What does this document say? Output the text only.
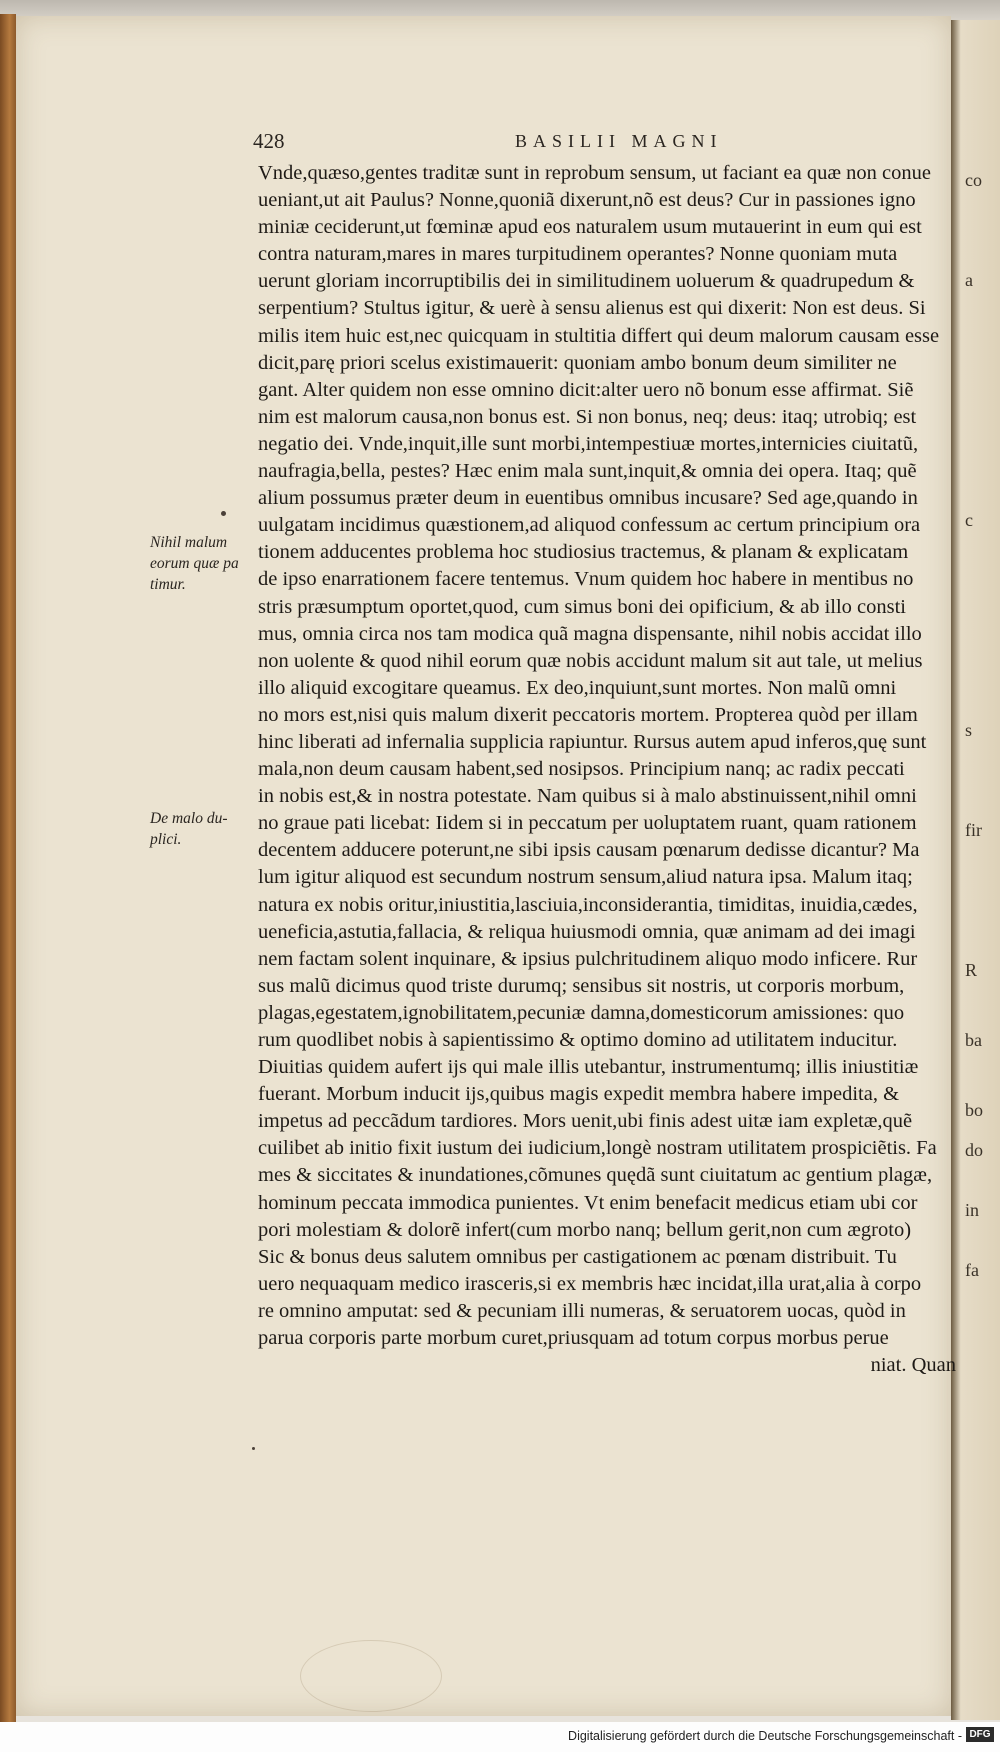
co
a
c
s
fir
R
ba
bo
do
in
fa
428	BASILII MAGNI
Nihil malum eorum quæ pa timur.
De malo du- plici.
Vnde,quæso,gentes traditæ sunt in reprobum sensum, ut faciant ea quæ non conue
ueniant,ut ait Paulus? Nonne,quoniã dixerunt,nõ est deus? Cur in passiones igno
miniæ ceciderunt,ut fœminæ apud eos naturalem usum mutauerint in eum qui est
contra naturam,mares in mares turpitudinem operantes? Nonne quoniam muta
uerunt gloriam incorruptibilis dei in similitudinem uoluerum & quadrupedum &
serpentium? Stultus igitur, & uerè à sensu alienus est qui dixerit: Non est deus. Si
milis item huic est,nec quicquam in stultitia differt qui deum malorum causam esse
dicit,parę priori scelus existimauerit: quoniam ambo bonum deum similiter ne
gant. Alter quidem non esse omnino dicit:alter uero nõ bonum esse affirmat. Siẽ
nim est malorum causa,non bonus est. Si non bonus, neq; deus: itaq; utrobiq; est
negatio dei. Vnde,inquit,ille sunt morbi,intempestiuæ mortes,internicies ciuitatũ,
naufragia,bella, pestes? Hæc enim mala sunt,inquit,& omnia dei opera. Itaq; quẽ
alium possumus præter deum in euentibus omnibus incusare? Sed age,quando in
uulgatam incidimus quæstionem,ad aliquod confessum ac certum principium ora
tionem adducentes problema hoc studiosius tractemus, & planam & explicatam
de ipso enarrationem facere tentemus. Vnum quidem hoc habere in mentibus no
stris præsumptum oportet,quod, cum simus boni dei opificium, & ab illo consti
mus, omnia circa nos tam modica quã magna dispensante, nihil nobis accidat illo
non uolente & quod nihil eorum quæ nobis accidunt malum sit aut tale, ut melius
illo aliquid excogitare queamus. Ex deo,inquiunt,sunt mortes. Non malũ omni
no mors est,nisi quis malum dixerit peccatoris mortem. Propterea quòd per illam
hinc liberati ad infernalia supplicia rapiuntur. Rursus autem apud inferos,quę sunt
mala,non deum causam habent,sed nosipsos. Principium nanq; ac radix peccati
in nobis est,& in nostra potestate. Nam quibus si à malo abstinuissent,nihil omni
no graue pati licebat: Iidem si in peccatum per uoluptatem ruant, quam rationem
decentem adducere poterunt,ne sibi ipsis causam pœnarum dedisse dicantur? Ma
lum igitur aliquod est secundum nostrum sensum,aliud natura ipsa. Malum itaq;
natura ex nobis oritur,iniustitia,lasciuia,inconsiderantia, timiditas, inuidia,cædes,
ueneficia,astutia,fallacia, & reliqua huiusmodi omnia, quæ animam ad dei imagi
nem factam solent inquinare, & ipsius pulchritudinem aliquo modo inficere. Rur
sus malũ dicimus quod triste durumq; sensibus sit nostris, ut corporis morbum,
plagas,egestatem,ignobilitatem,pecuniæ damna,domesticorum amissiones: quo
rum quodlibet nobis à sapientissimo & optimo domino ad utilitatem inducitur.
Diuitias quidem aufert ijs qui male illis utebantur, instrumentumq; illis iniustitiæ
fuerant. Morbum inducit ijs,quibus magis expedit membra habere impedita, &
impetus ad peccãdum tardiores. Mors uenit,ubi finis adest uitæ iam expletæ,quẽ
cuilibet ab initio fixit iustum dei iudicium,longè nostram utilitatem prospiciẽtis. Fa
mes & siccitates & inundationes,cõmunes quędã sunt ciuitatum ac gentium plagæ,
hominum peccata immodica punientes. Vt enim benefacit medicus etiam ubi cor
pori molestiam & dolorẽ infert(cum morbo nanq; bellum gerit,non cum ægroto)
Sic & bonus deus salutem omnibus per castigationem ac pœnam distribuit. Tu
uero nequaquam medico irasceris,si ex membris hæc incidat,illa urat,alia à corpo
re omnino amputat: sed & pecuniam illi numeras, & seruatorem uocas, quòd in
parua corporis parte morbum curet,priusquam ad totum corpus morbus perue
niat. Quan
Digitalisierung gefördert durch die Deutsche Forschungsgemeinschaft - DFG
